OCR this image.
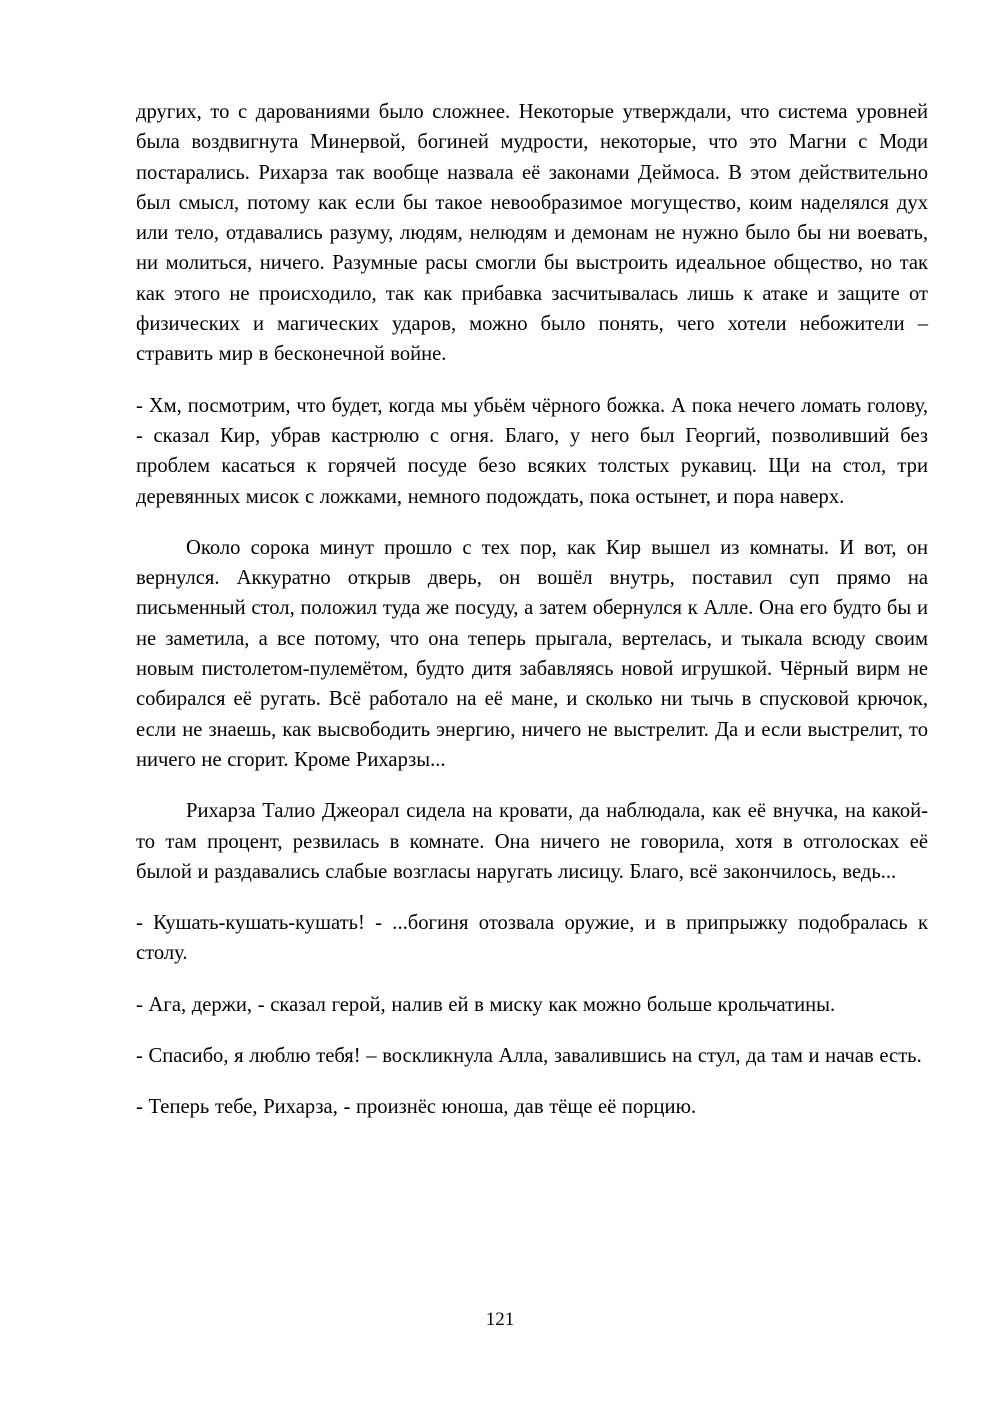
других, то с дарованиями было сложнее. Некоторые утверждали, что система уровней была воздвигнута Минервой, богиней мудрости, некоторые, что это Магни с Моди постарались. Рихарза так вообще назвала её законами Деймоса. В этом действительно был смысл, потому как если бы такое невообразимое могущество, коим наделялся дух или тело, отдавались разуму, людям, нелюдям и демонам не нужно было бы ни воевать, ни молиться, ничего. Разумные расы смогли бы выстроить идеальное общество, но так как этого не происходило, так как прибавка засчитывалась лишь к атаке и защите от физических и магических ударов, можно было понять, чего хотели небожители – стравить мир в бесконечной войне.

- Хм, посмотрим, что будет, когда мы убьём чёрного божка. А пока нечего ломать голову, - сказал Кир, убрав кастрюлю с огня. Благо, у него был Георгий, позволивший без проблем касаться к горячей посуде безо всяких толстых рукавиц. Щи на стол, три деревянных мисок с ложками, немного подождать, пока остынет, и пора наверх.

Около сорока минут прошло с тех пор, как Кир вышел из комнаты. И вот, он вернулся. Аккуратно открыв дверь, он вошёл внутрь, поставил суп прямо на письменный стол, положил туда же посуду, а затем обернулся к Алле. Она его будто бы и не заметила, а все потому, что она теперь прыгала, вертелась, и тыкала всюду своим новым пистолетом-пулемётом, будто дитя забавляясь новой игрушкой. Чёрный вирм не собирался её ругать. Всё работало на её мане, и сколько ни тычь в спусковой крючок, если не знаешь, как высвободить энергию, ничего не выстрелит. Да и если выстрелит, то ничего не сгорит. Кроме Рихарзы...

Рихарза Талио Джеорал сидела на кровати, да наблюдала, как её внучка, на какой-то там процент, резвилась в комнате. Она ничего не говорила, хотя в отголосках её былой и раздавались слабые возгласы наругать лисицу. Благо, всё закончилось, ведь...

- Кушать-кушать-кушать! - ...богиня отозвала оружие, и в припрыжку подобралась к столу.

- Ага, держи, - сказал герой, налив ей в миску как можно больше крольчатины.

- Спасибо, я люблю тебя! – воскликнула Алла, завалившись на стул, да там и начав есть.

- Теперь тебе, Рихарза, - произнёс юноша, дав тёще её порцию.

121
